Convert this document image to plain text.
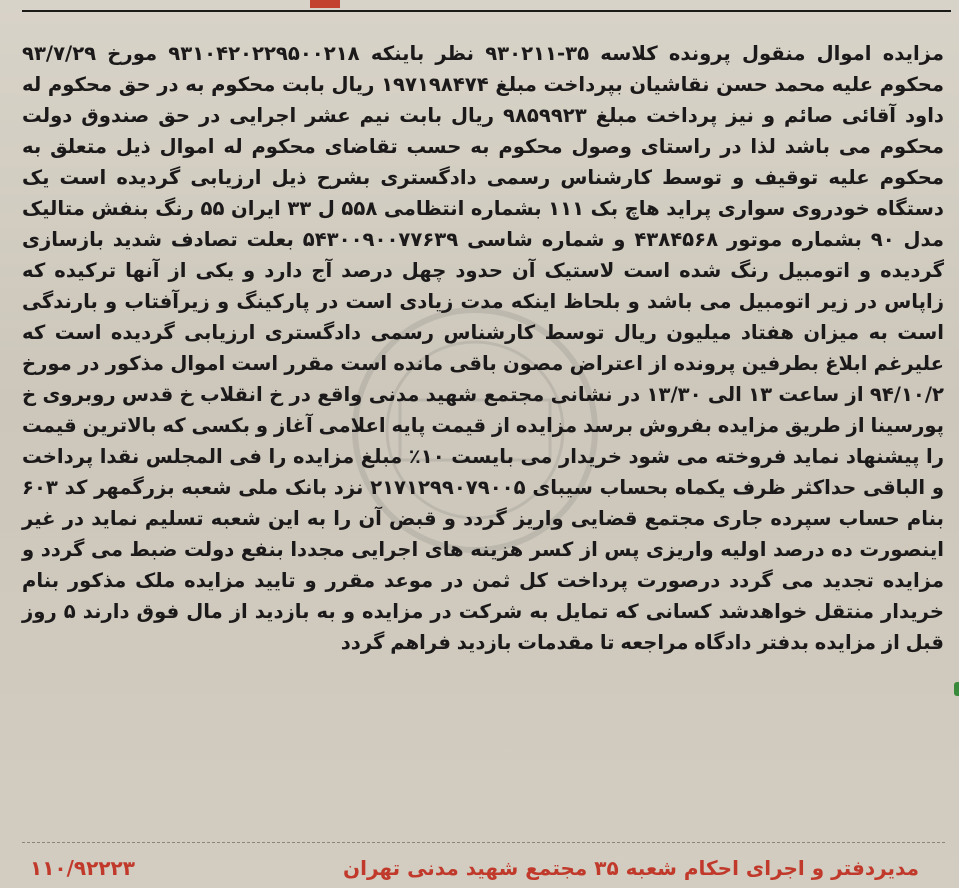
مزایده اموال منقول پرونده کلاسه ۳۵-۹۳۰۲۱۱ نظر باینکه ۹۳۱۰۴۲۰۲۲۹۵۰۰۲۱۸ مورخ ۹۳/۷/۲۹ محکوم علیه محمد حسن نقاشیان بپرداخت مبلغ ۱۹۷۱۹۸۴۷۴ ریال بابت محکوم به در حق محکوم له داود آقائی صائم و نیز پرداخت مبلغ ۹۸۵۹۹۲۳ ریال بابت نیم عشر اجرایی در حق صندوق دولت محکوم می باشد لذا در راستای وصول محکوم به حسب تقاضای محکوم له اموال ذیل متعلق به محکوم علیه توقیف و توسط کارشناس رسمی دادگستری بشرح ذیل ارزیابی گردیده است یک دستگاه خودروی سواری پراید هاچ بک ۱۱۱ بشماره انتظامی ۵۵۸ ل ۳۳ ایران ۵۵ رنگ بنفش متالیک مدل ۹۰ بشماره موتور ۴۳۸۴۵۶۸ و شماره شاسی ۵۴۳۰۰۹۰۰۷۷۶۳۹ بعلت تصادف شدید بازسازی گردیده و اتومبیل رنگ شده است لاستیک آن حدود چهل درصد آج دارد و یکی از آنها ترکیده که زاپاس در زیر اتومبیل می باشد و بلحاظ اینکه مدت زیادی است در پارکینگ و زیرآفتاب و بارندگی است به میزان هفتاد میلیون ریال توسط کارشناس رسمی دادگستری ارزیابی گردیده است که علیرغم ابلاغ بطرفین پرونده از اعتراض مصون باقی مانده است مقرر است اموال مذکور در مورخ ۹۴/۱۰/۲ از ساعت ۱۳ الی ۱۳/۳۰ در نشانی مجتمع شهید مدنی واقع در خ انقلاب خ قدس روبروی خ پورسینا از طریق مزایده بفروش برسد مزایده از قیمت پایه اعلامی آغاز و بکسی که بالاترین قیمت را پیشنهاد نماید فروخته می شود خریدار می بایست ۱۰٪ مبلغ مزایده را فی المجلس نقدا پرداخت و الباقی حداکثر ظرف یکماه بحساب سیبای ۲۱۷۱۲۹۹۰۷۹۰۰۵ نزد بانک ملی شعبه بزرگمهر کد ۶۰۳ بنام حساب سپرده جاری مجتمع قضایی واریز گردد و قبض آن را به این شعبه تسلیم نماید در غیر اینصورت ده درصد اولیه واریزی پس از کسر هزینه های اجرایی مجددا بنفع دولت ضبط می گردد و مزایده تجدید می گردد درصورت پرداخت کل ثمن در موعد مقرر و تایید مزایده ملک مذکور بنام خریدار منتقل خواهدشد کسانی که تمایل به شرکت در مزایده و به بازدید از مال فوق دارند ۵ روز قبل از مزایده بدفتر دادگاه مراجعه تا مقدمات بازدید فراهم گردد
مدیردفتر و اجرای احکام شعبه ۳۵ مجتمع شهید مدنی تهران
۱۱۰/۹۲۲۲۳
